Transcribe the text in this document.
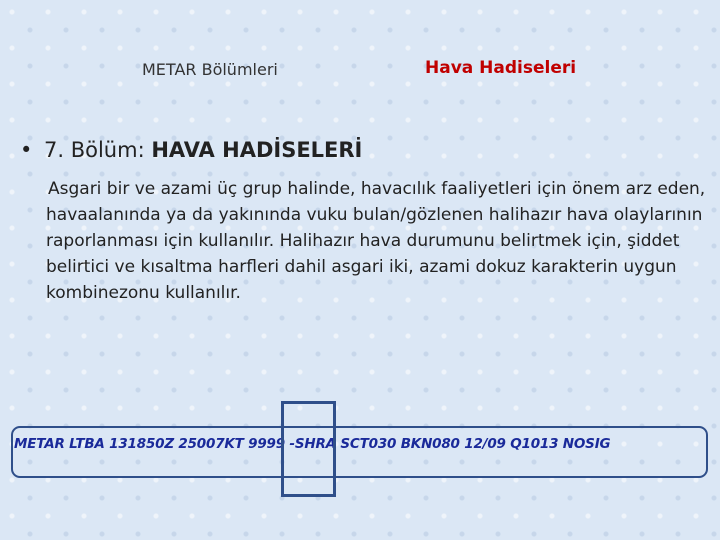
METAR Bölümleri	Hava Hadiseleri
• 7. Bölüm: HAVA HADİSELERİ
Asgari bir ve azami üç grup halinde, havacılık faaliyetleri için önem arz eden, havaalanında ya da yakınında vuku bulan/gözlenen halihazır hava olaylarının raporlanması için kullanılır. Halihazır hava durumunu belirtmek için, şiddet belirtici ve kısaltma harfleri dahil asgari iki, azami dokuz karakterin uygun kombinezonu kullanılır.
METAR LTBA 131850Z 25007KT 9999 -SHRA SCT030 BKN080 12/09 Q1013 NOSIG
